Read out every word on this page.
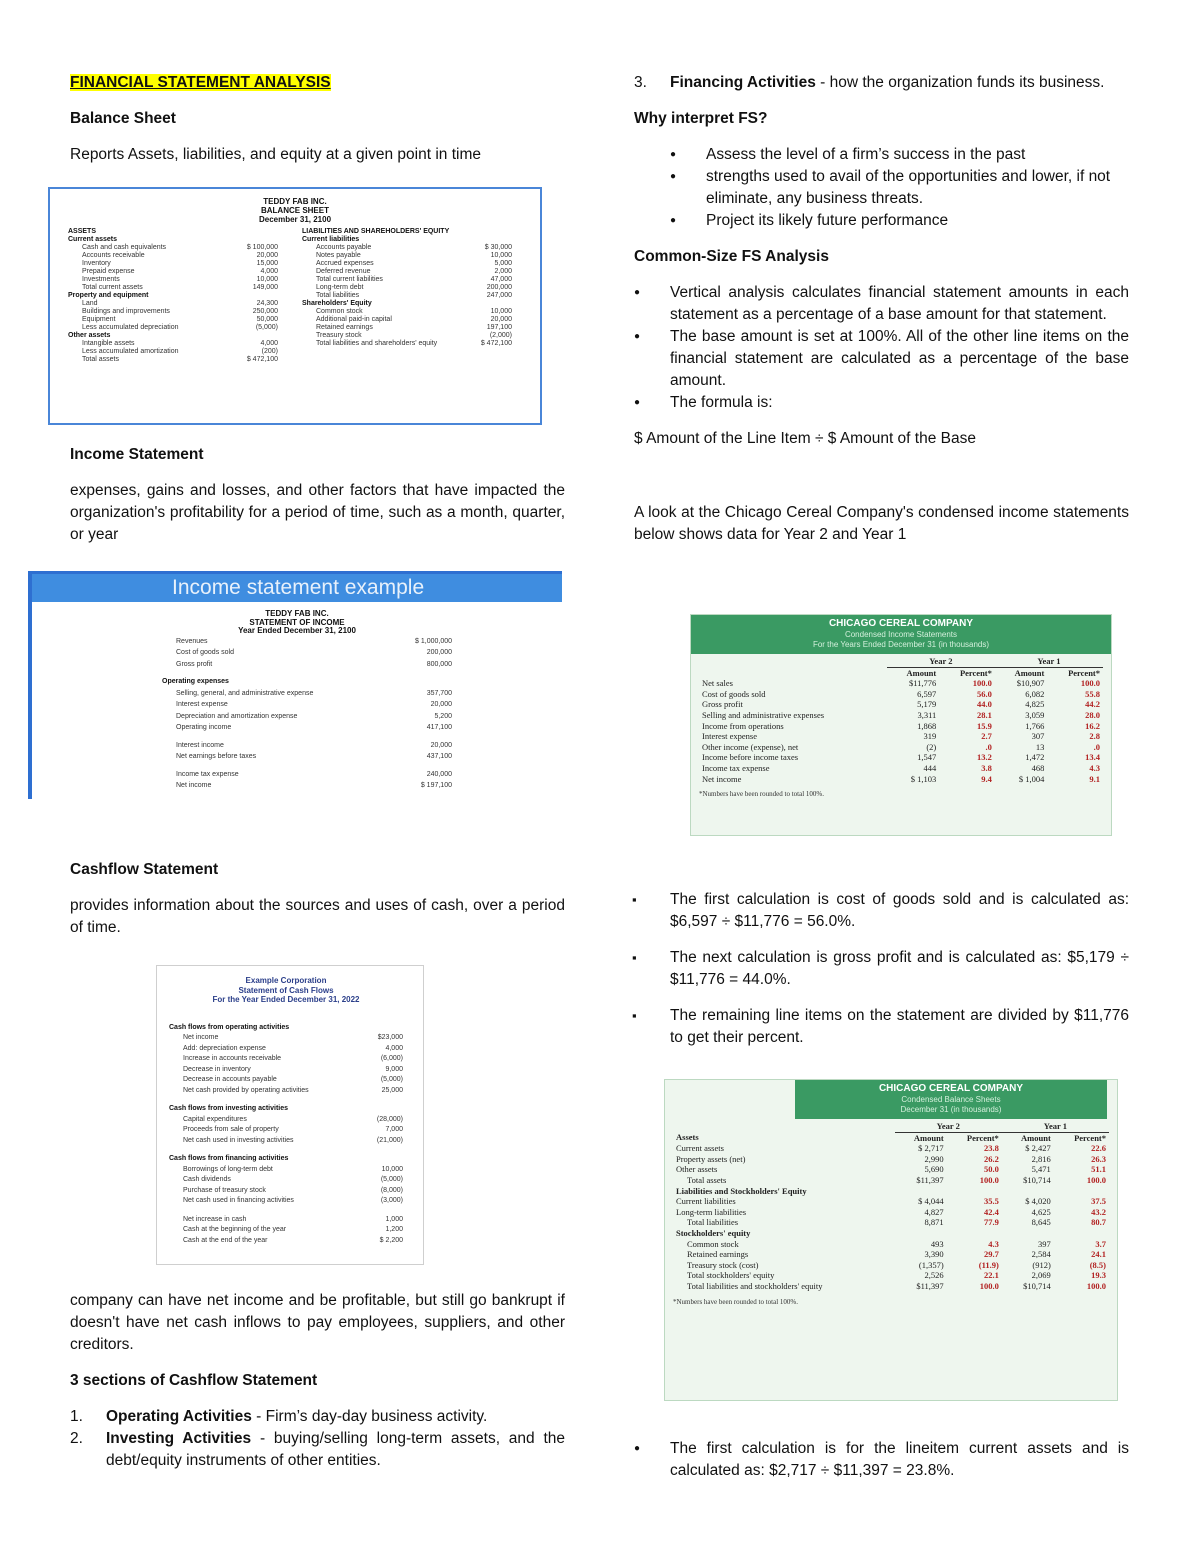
FINANCIAL STATEMENT ANALYSIS

Balance Sheet

Reports Assets, liabilities, and equity at a given point in time

TEDDY FAB INC.
BALANCE SHEET
December 31, 2100
ASSETS
Current assets
Cash and cash equivalents	$ 100,000
Accounts receivable	20,000
Inventory	15,000
Prepaid expense	4,000
Investments	10,000
Total current assets	149,000
Property and equipment
Land	24,300
Buildings and improvements	250,000
Equipment	50,000
Less accumulated depreciation	(5,000)
Other assets
Intangible assets	4,000
Less accumulated amortization	(200)
Total assets	$ 472,100
LIABILITIES AND SHAREHOLDERS' EQUITY
Current liabilities
Accounts payable	$ 30,000
Notes payable	10,000
Accrued expenses	5,000
Deferred revenue	2,000
Total current liabilities	47,000
Long-term debt	200,000
Total liabilities	247,000
Shareholders' Equity
Common stock	10,000
Additional paid-in capital	20,000
Retained earnings	197,100
Treasury stock	(2,000)
Total liabilities and shareholders' equity	$ 472,100

Income Statement

expenses, gains and losses, and other factors that have impacted the organization's profitability for a period of time, such as a month, quarter, or year

Income statement example
TEDDY FAB INC.
STATEMENT OF INCOME
Year Ended December 31, 2100
Revenues	$ 1,000,000
Cost of goods sold	200,000
Gross profit	800,000
Operating expenses
Selling, general, and administrative expense	357,700
Interest expense	20,000
Depreciation and amortization expense	5,200
Operating income	417,100
Interest income	20,000
Net earnings before taxes	437,100
Income tax expense	240,000
Net income	$ 197,100

Cashflow Statement

provides information about the sources and uses of cash, over a period of time.

Example Corporation
Statement of Cash Flows
For the Year Ended December 31, 2022
Cash flows from operating activities
Net income	$23,000
Add: depreciation expense	4,000
Increase in accounts receivable	(6,000)
Decrease in inventory	9,000
Decrease in accounts payable	(5,000)
Net cash provided by operating activities	25,000
Cash flows from investing activities
Capital expenditures	(28,000)
Proceeds from sale of property	7,000
Net cash used in investing activities	(21,000)
Cash flows from financing activities
Borrowings of long-term debt	10,000
Cash dividends	(5,000)
Purchase of treasury stock	(8,000)
Net cash used in financing activities	(3,000)
Net increase in cash	1,000
Cash at the beginning of the year	1,200
Cash at the end of the year	$ 2,200

company can have net income and be profitable, but still go bankrupt if doesn't have net cash inflows to pay employees, suppliers, and other creditors.

3 sections of Cashflow Statement

1. Operating Activities - Firm’s day-day business activity.
2. Investing Activities - buying/selling long-term assets, and the debt/equity instruments of other entities.
3. Financing Activities - how the organization funds its business.

Why interpret FS?

● Assess the level of a firm’s success in the past
● strengths used to avail of the opportunities and lower, if not eliminate, any business threats.
● Project its likely future performance

Common-Size FS Analysis

● Vertical analysis calculates financial statement amounts in each statement as a percentage of a base amount for that statement.
● The base amount is set at 100%. All of the other line items on the financial statement are calculated as a percentage of the base amount.
● The formula is:

$ Amount of the Line Item ÷ $ Amount of the Base

A look at the Chicago Cereal Company's condensed income statements below shows data for Year 2 and Year 1

CHICAGO CEREAL COMPANY
Condensed Income Statements
For the Years Ended December 31 (in thousands)
	Year 2		Year 1	
	Amount	Percent*	Amount	Percent*
Net sales	$11,776	100.0	$10,907	100.0
Cost of goods sold	6,597	56.0	6,082	55.8
Gross profit	5,179	44.0	4,825	44.2
Selling and administrative expenses	3,311	28.1	3,059	28.0
Income from operations	1,868	15.9	1,766	16.2
Interest expense	319	2.7	307	2.8
Other income (expense), net	(2)	.0	13	.0
Income before income taxes	1,547	13.2	1,472	13.4
Income tax expense	444	3.8	468	4.3
Net income	$ 1,103	9.4	$ 1,004	9.1
*Numbers have been rounded to total 100%.
▪ The first calculation is cost of goods sold and is calculated as: $6,597 ÷ $11,776 = 56.0%.
▪ The next calculation is gross profit and is calculated as: $5,179 ÷ $11,776 = 44.0%.
▪ The remaining line items on the statement are divided by $11,776 to get their percent.
CHICAGO CEREAL COMPANY
Condensed Balance Sheets
December 31 (in thousands)
	Year 2		Year 1	
Assets	Amount	Percent*	Amount	Percent*
Current assets	$ 2,717	23.8	$ 2,427	22.6
Property assets (net)	2,990	26.2	2,816	26.3
Other assets	5,690	50.0	5,471	51.1
Total assets	$11,397	100.0	$10,714	100.0
Liabilities and Stockholders' Equity				
Current liabilities	$ 4,044	35.5	$ 4,020	37.5
Long-term liabilities	4,827	42.4	4,625	43.2
Total liabilities	8,871	77.9	8,645	80.7
Stockholders' equity				
Common stock	493	4.3	397	3.7
Retained earnings	3,390	29.7	2,584	24.1
Treasury stock (cost)	(1,357)	(11.9)	(912)	(8.5)
Total stockholders' equity	2,526	22.1	2,069	19.3
Total liabilities and stockholders' equity	$11,397	100.0	$10,714	100.0
*Numbers have been rounded to total 100%.
● The first calculation is for the lineitem current assets and is calculated as: $2,717 ÷ $11,397 = 23.8%.
